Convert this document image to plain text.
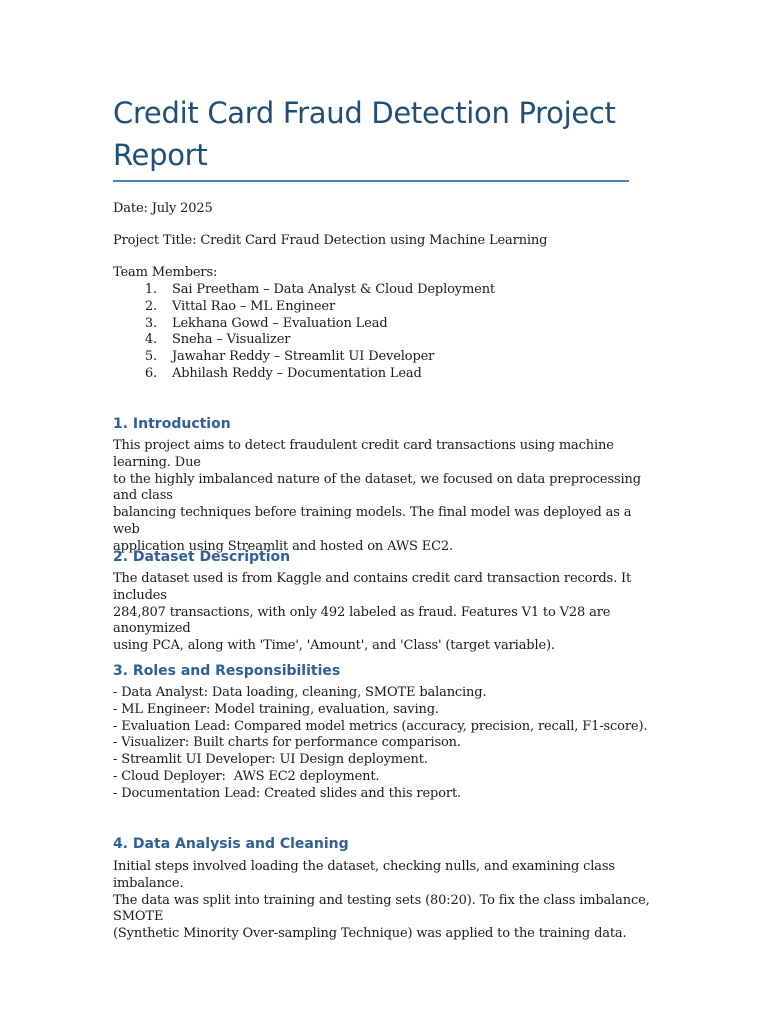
Credit Card Fraud Detection Project Report
Date: July 2025
Project Title: Credit Card Fraud Detection using Machine Learning
Team Members:
1. Sai Preetham – Data Analyst & Cloud Deployment
2. Vittal Rao – ML Engineer
3. Lekhana Gowd – Evaluation Lead
4. Sneha – Visualizer
5. Jawahar Reddy – Streamlit UI Developer
6. Abhilash Reddy – Documentation Lead
1. Introduction

This project aims to detect fraudulent credit card transactions using machine learning. Due
to the highly imbalanced nature of the dataset, we focused on data preprocessing and class
balancing techniques before training models. The final model was deployed as a web
application using Streamlit and hosted on AWS EC2.

2. Dataset Description

The dataset used is from Kaggle and contains credit card transaction records. It includes
284,807 transactions, with only 492 labeled as fraud. Features V1 to V28 are anonymized
using PCA, along with 'Time', 'Amount', and 'Class' (target variable).

3. Roles and Responsibilities
- Data Analyst: Data loading, cleaning, SMOTE balancing.
- ML Engineer: Model training, evaluation, saving.
- Evaluation Lead: Compared model metrics (accuracy, precision, recall, F1-score).
- Visualizer: Built charts for performance comparison.
- Streamlit UI Developer: UI Design deployment.
- Cloud Deployer:  AWS EC2 deployment.
- Documentation Lead: Created slides and this report.
4. Data Analysis and Cleaning

Initial steps involved loading the dataset, checking nulls, and examining class imbalance.
The data was split into training and testing sets (80:20). To fix the class imbalance, SMOTE
(Synthetic Minority Over-sampling Technique) was applied to the training data.
